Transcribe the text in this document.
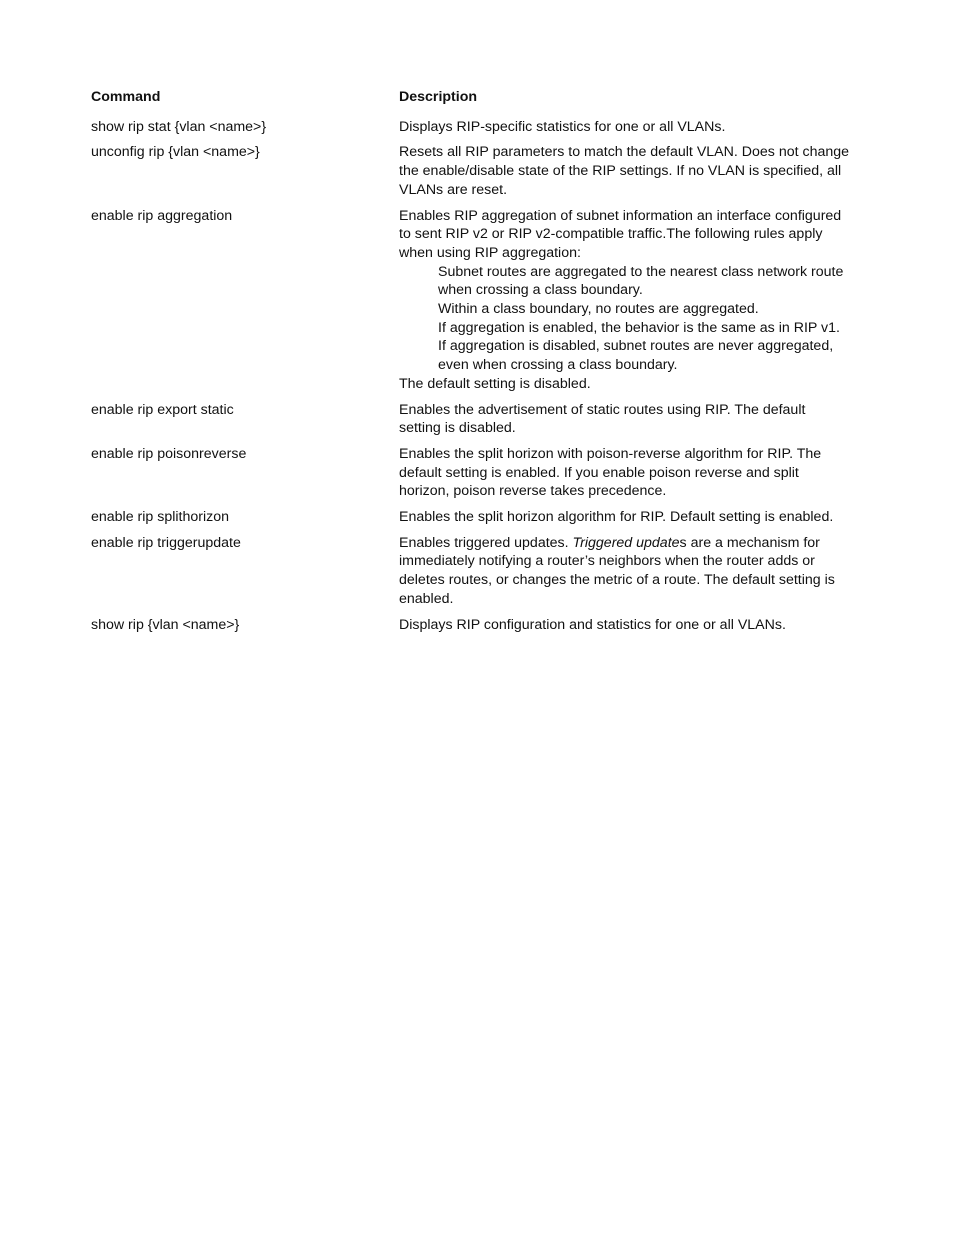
Command	Description
show rip stat {vlan <name>}	Displays RIP-specific statistics for one or all VLANs.
unconfig rip {vlan <name>}	Resets all RIP parameters to match the default VLAN. Does not change the enable/disable state of the RIP settings. If no VLAN is specified, all VLANs are reset.
enable rip aggregation	Enables RIP aggregation of subnet information an interface configured to sent RIP v2 or RIP v2-compatible traffic.The following rules apply when using RIP aggregation:
Subnet routes are aggregated to the nearest class network route when crossing a class boundary.
Within a class boundary, no routes are aggregated.
If aggregation is enabled, the behavior is the same as in RIP v1.
If aggregation is disabled, subnet routes are never aggregated, even when crossing a class boundary.
The default setting is disabled.
enable rip export static	Enables the advertisement of static routes using RIP. The default setting is disabled.
enable rip poisonreverse	Enables the split horizon with poison-reverse algorithm for RIP. The default setting is enabled. If you enable poison reverse and split horizon, poison reverse takes precedence.
enable rip splithorizon	Enables the split horizon algorithm for RIP. Default setting is enabled.
enable rip triggerupdate	Enables triggered updates. Triggered updates are a mechanism for immediately notifying a router’s neighbors when the router adds or deletes routes, or changes the metric of a route. The default setting is enabled.
show rip {vlan <name>}	Displays RIP configuration and statistics for one or all VLANs.
